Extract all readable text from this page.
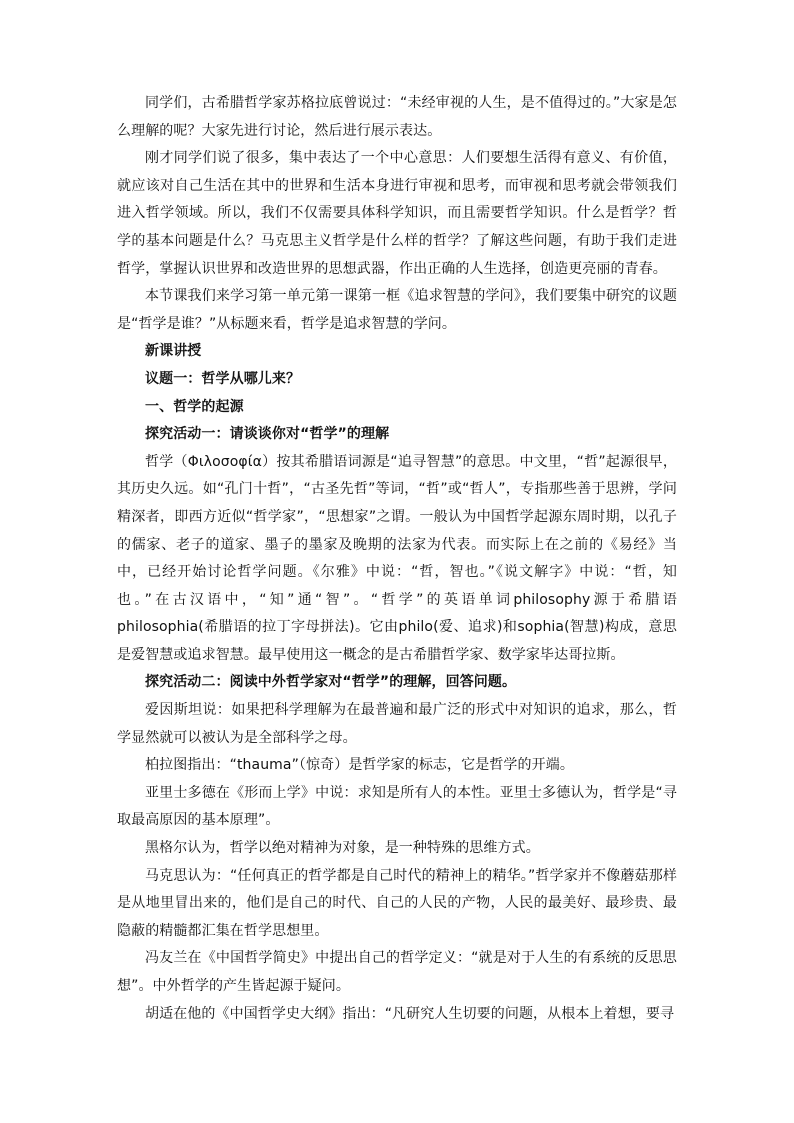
同学们，古希腊哲学家苏格拉底曾说过：“未经审视的人生，是不值得过的。”大家是怎么理解的呢？大家先进行讨论，然后进行展示表达。

刚才同学们说了很多，集中表达了一个中心意思：人们要想生活得有意义、有价值，就应该对自己生活在其中的世界和生活本身进行审视和思考，而审视和思考就会带领我们进入哲学领域。所以，我们不仅需要具体科学知识，而且需要哲学知识。什么是哲学？哲学的基本问题是什么？马克思主义哲学是什么样的哲学？了解这些问题，有助于我们走进哲学，掌握认识世界和改造世界的思想武器，作出正确的人生选择，创造更亮丽的青春。

本节课我们来学习第一单元第一课第一框《追求智慧的学问》，我们要集中研究的议题是“哲学是谁？”从标题来看，哲学是追求智慧的学问。

新课讲授

议题一：哲学从哪儿来？

一、哲学的起源

探究活动一：请谈谈你对“哲学”的理解

哲学（Φιλοσοφία）按其希腊语词源是“追寻智慧”的意思。中文里，“哲”起源很早，其历史久远。如“孔门十哲”，“古圣先哲”等词，“哲”或“哲人”，专指那些善于思辨，学问精深者，即西方近似“哲学家”，“思想家”之谓。一般认为中国哲学起源东周时期，以孔子的儒家、老子的道家、墨子的墨家及晚期的法家为代表。而实际上在之前的《易经》当中，已经开始讨论哲学问题。《尔雅》中说：“哲，智也。”《说文解字》中说：“哲，知也。”在古汉语中，“知”通“智”。“哲学”的英语单词philosophy源于希腊语philosophia(希腊语的拉丁字母拼法)。它由philo(爱、追求)和sophia(智慧)构成，意思是爱智慧或追求智慧。最早使用这一概念的是古希腊哲学家、数学家毕达哥拉斯。

探究活动二：阅读中外哲学家对“哲学”的理解，回答问题。

爱因斯坦说：如果把科学理解为在最普遍和最广泛的形式中对知识的追求，那么，哲学显然就可以被认为是全部科学之母。

柏拉图指出：“thauma”（惊奇）是哲学家的标志，它是哲学的开端。

亚里士多德在《形而上学》中说：求知是所有人的本性。亚里士多德认为，哲学是“寻取最高原因的基本原理”。

黑格尔认为，哲学以绝对精神为对象，是一种特殊的思维方式。

马克思认为：“任何真正的哲学都是自己时代的精神上的精华。”哲学家并不像蘑菇那样是从地里冒出来的，他们是自己的时代、自己的人民的产物，人民的最美好、最珍贵、最隐蔽的精髓都汇集在哲学思想里。

冯友兰在《中国哲学简史》中提出自己的哲学定义：“就是对于人生的有系统的反思思想”。中外哲学的产生皆起源于疑问。

胡适在他的《中国哲学史大纲》指出：“凡研究人生切要的问题，从根本上着想，要寻
